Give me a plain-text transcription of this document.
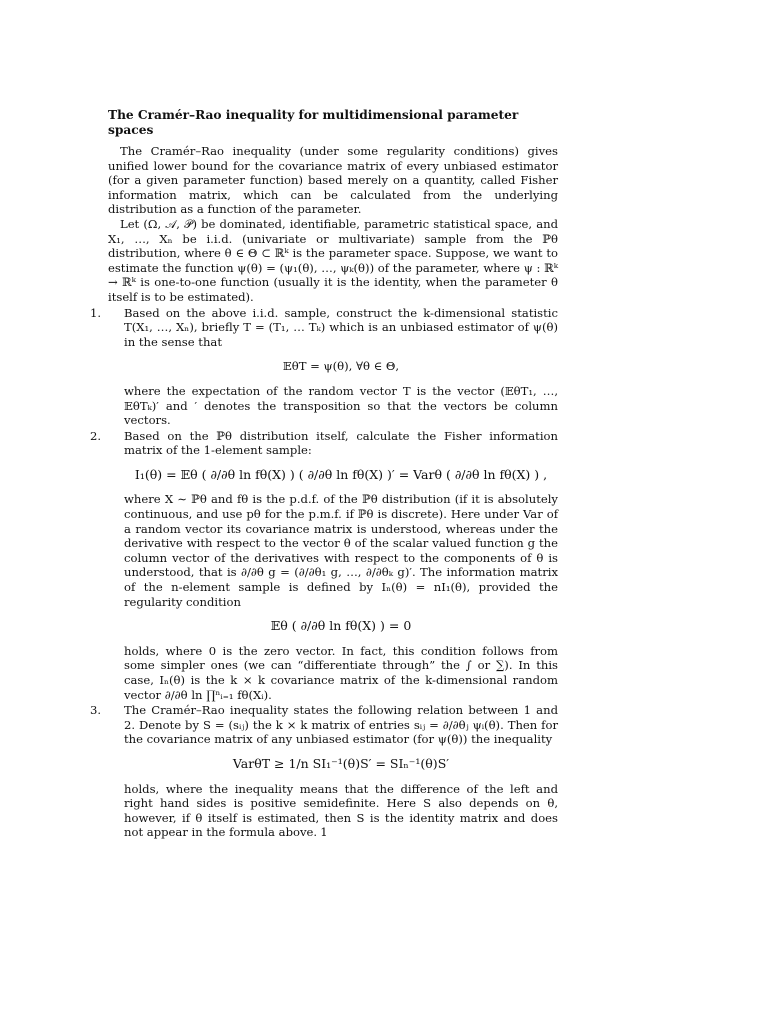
The Cramér–Rao inequality for multidimensional parameter spaces

The Cramér–Rao inequality (under some regularity conditions) gives unified lower bound for the covariance matrix of every unbiased estimator (for a given parameter function) based merely on a quantity, called Fisher information matrix, which can be calculated from the underlying distribution as a function of the parameter.

Let (Ω, 𝒜, 𝒫) be dominated, identifiable, parametric statistical space, and X₁, …, Xₙ be i.i.d. (univariate or multivariate) sample from the ℙθ distribution, where θ ∈ Θ ⊂ ℝᵏ is the parameter space. Suppose, we want to estimate the function ψ(θ) = (ψ₁(θ), …, ψₖ(θ)) of the parameter, where ψ : ℝᵏ → ℝᵏ is one-to-one function (usually it is the identity, when the parameter θ itself is to be estimated).

1. Based on the above i.i.d. sample, construct the k-dimensional statistic T(X₁, …, Xₙ), briefly T = (T₁, … Tₖ) which is an unbiased estimator of ψ(θ) in the sense that

𝔼θT = ψ(θ), ∀θ ∈ Θ,

where the expectation of the random vector T is the vector (𝔼θT₁, …, 𝔼θTₖ)′ and ′ denotes the transposition so that the vectors be column vectors.

2. Based on the ℙθ distribution itself, calculate the Fisher information matrix of the 1-element sample:

I₁(θ) = 𝔼θ ( ∂/∂θ ln fθ(X) ) ( ∂/∂θ ln fθ(X) )′ = Varθ ( ∂/∂θ ln fθ(X) ) ,

where X ∼ ℙθ and fθ is the p.d.f. of the ℙθ distribution (if it is absolutely continuous, and use pθ for the p.m.f. if ℙθ is discrete). Here under Var of a random vector its covariance matrix is understood, whereas under the derivative with respect to the vector θ of the scalar valued function g the column vector of the derivatives with respect to the components of θ is understood, that is ∂/∂θ g = (∂/∂θ₁ g, …, ∂/∂θₖ g)′. The information matrix of the n-element sample is defined by Iₙ(θ) = nI₁(θ), provided the regularity condition

𝔼θ ( ∂/∂θ ln fθ(X) ) = 0

holds, where 0 is the zero vector. In fact, this condition follows from some simpler ones (we can “differentiate through” the ∫ or ∑). In this case, Iₙ(θ) is the k × k covariance matrix of the k-dimensional random vector ∂/∂θ ln ∏ⁿᵢ₌₁ fθ(Xᵢ).

3. The Cramér–Rao inequality states the following relation between 1 and 2. Denote by S = (sᵢⱼ) the k × k matrix of entries sᵢⱼ = ∂/∂θⱼ ψᵢ(θ). Then for the covariance matrix of any unbiased estimator (for ψ(θ)) the inequality

VarθT ≥ 1/n SI₁⁻¹(θ)S′ = SIₙ⁻¹(θ)S′

holds, where the inequality means that the difference of the left and right hand sides is positive semidefinite. Here S also depends on θ, however, if θ itself is estimated, then S is the identity matrix and does not appear in the formula above. 1
